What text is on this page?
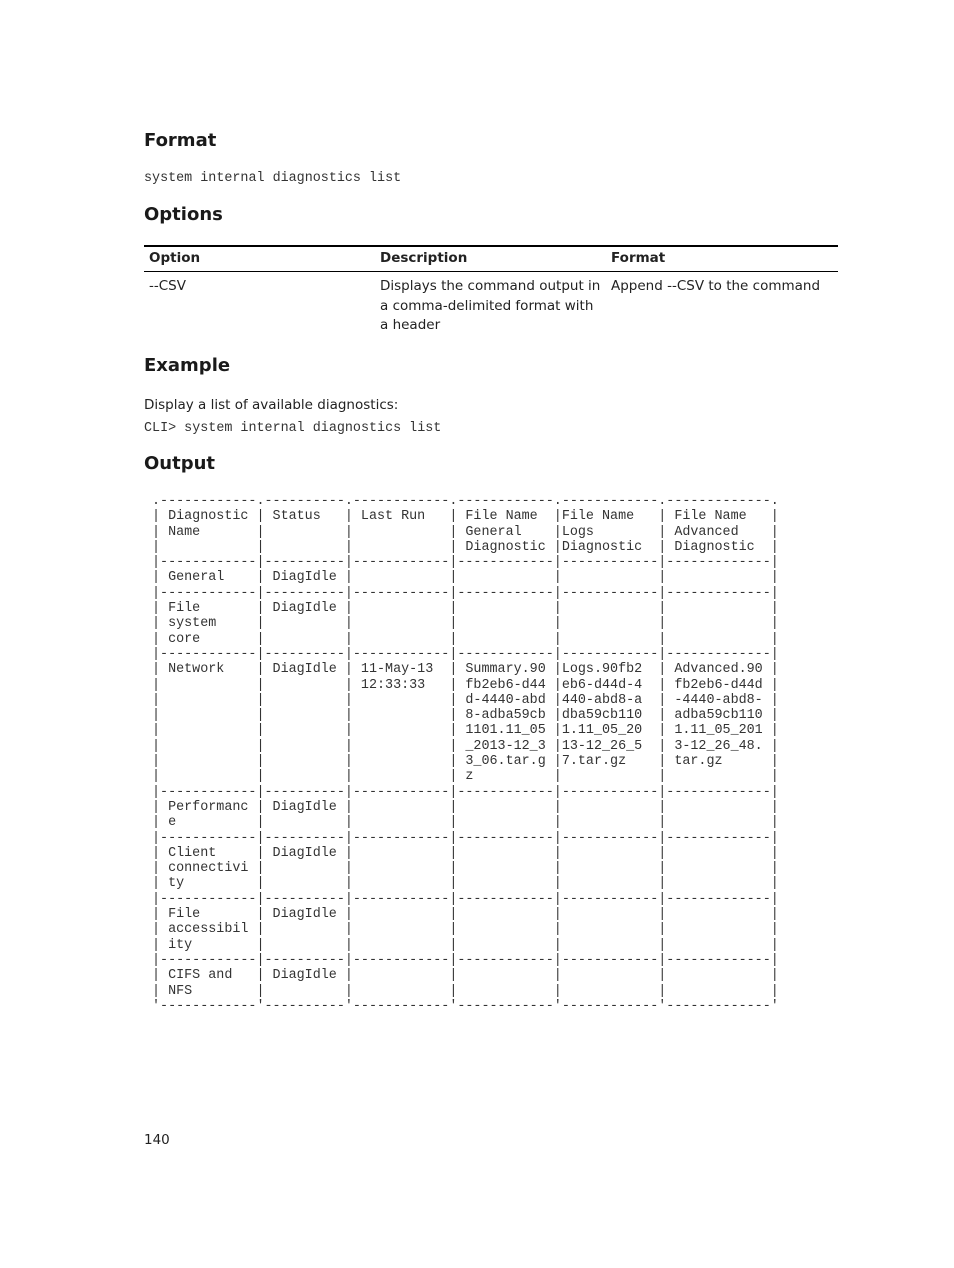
Format
system internal diagnostics list
Options
Option	Description	Format
--CSV	Displays the command output in a comma-delimited format with a header	Append --CSV to the command
Example
Display a list of available diagnostics:
CLI> system internal diagnostics list
Output
.------------.----------.------------.------------.------------.-------------.
| Diagnostic | Status   | Last Run   | File Name  |File Name   | File Name   |
| Name       |          |            | General    |Logs        | Advanced    |
|            |          |            | Diagnostic |Diagnostic  | Diagnostic  |
|------------|----------|------------|------------|------------|-------------|
| General    | DiagIdle |            |            |            |             |
|------------|----------|------------|------------|------------|-------------|
| File       | DiagIdle |            |            |            |             |
| system     |          |            |            |            |             |
| core       |          |            |            |            |             |
|------------|----------|------------|------------|------------|-------------|
| Network    | DiagIdle | 11-May-13  | Summary.90 |Logs.90fb2  | Advanced.90 |
|            |          | 12:33:33   | fb2eb6-d44 |eb6-d44d-4  | fb2eb6-d44d |
|            |          |            | d-4440-abd |440-abd8-a  | -4440-abd8- |
|            |          |            | 8-adba59cb |dba59cb110  | adba59cb110 |
|            |          |            | 1101.11_05 |1.11_05_20  | 1.11_05_201 |
|            |          |            | _2013-12_3 |13-12_26_5  | 3-12_26_48. |
|            |          |            | 3_06.tar.g |7.tar.gz    | tar.gz      |
|            |          |            | z          |            |             |
|------------|----------|------------|------------|------------|-------------|
| Performanc | DiagIdle |            |            |            |             |
| e          |          |            |            |            |             |
|------------|----------|------------|------------|------------|-------------|
| Client     | DiagIdle |            |            |            |             |
| connectivi |          |            |            |            |             |
| ty         |          |            |            |            |             |
|------------|----------|------------|------------|------------|-------------|
| File       | DiagIdle |            |            |            |             |
| accessibil |          |            |            |            |             |
| ity        |          |            |            |            |             |
|------------|----------|------------|------------|------------|-------------|
| CIFS and   | DiagIdle |            |            |            |             |
| NFS        |          |            |            |            |             |
'------------'----------'------------'------------'------------'-------------'
140
